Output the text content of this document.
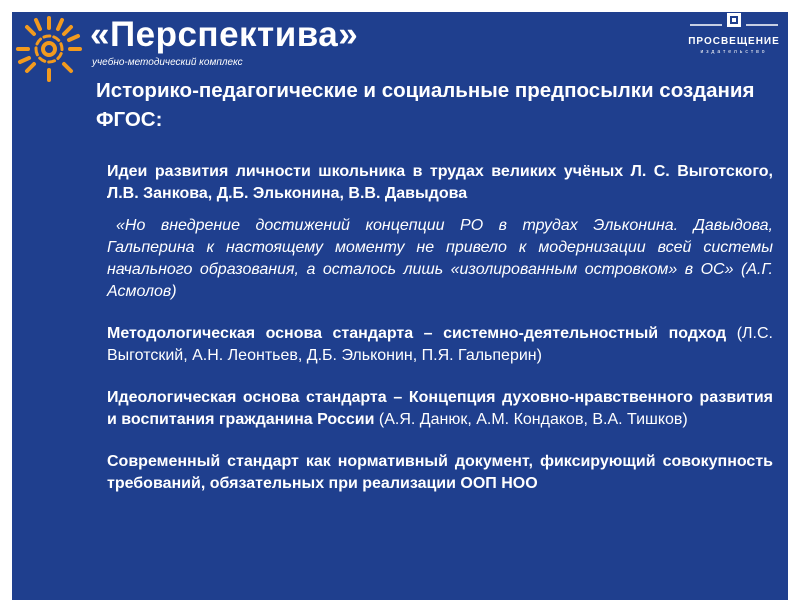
«Перспектива»
учебно-методический комплекс
ПРОСВЕЩЕНИЕ
издательство
Историко-педагогические и социальные предпосылки создания ФГОС:

Идеи развития личности школьника в трудах великих учёных Л. С. Выготского, Л.В. Занкова, Д.Б. Эльконина, В.В. Давыдова

«Но внедрение достижений концепции РО в трудах Эльконина. Давыдова, Гальперина к настоящему моменту не привело к модернизации всей системы начального образования, а осталось лишь «изолированным островком» в ОС» (А.Г. Асмолов)

Методологическая основа стандарта – системно-деятельностный подход (Л.С. Выготский, А.Н. Леонтьев, Д.Б. Эльконин, П.Я. Гальперин)

Идеологическая основа стандарта – Концепция духовно-нравственного развития и воспитания гражданина России (А.Я. Данюк, А.М. Кондаков, В.А. Тишков)

Современный стандарт как нормативный документ, фиксирующий совокупность требований, обязательных при реализации ООП НОО
